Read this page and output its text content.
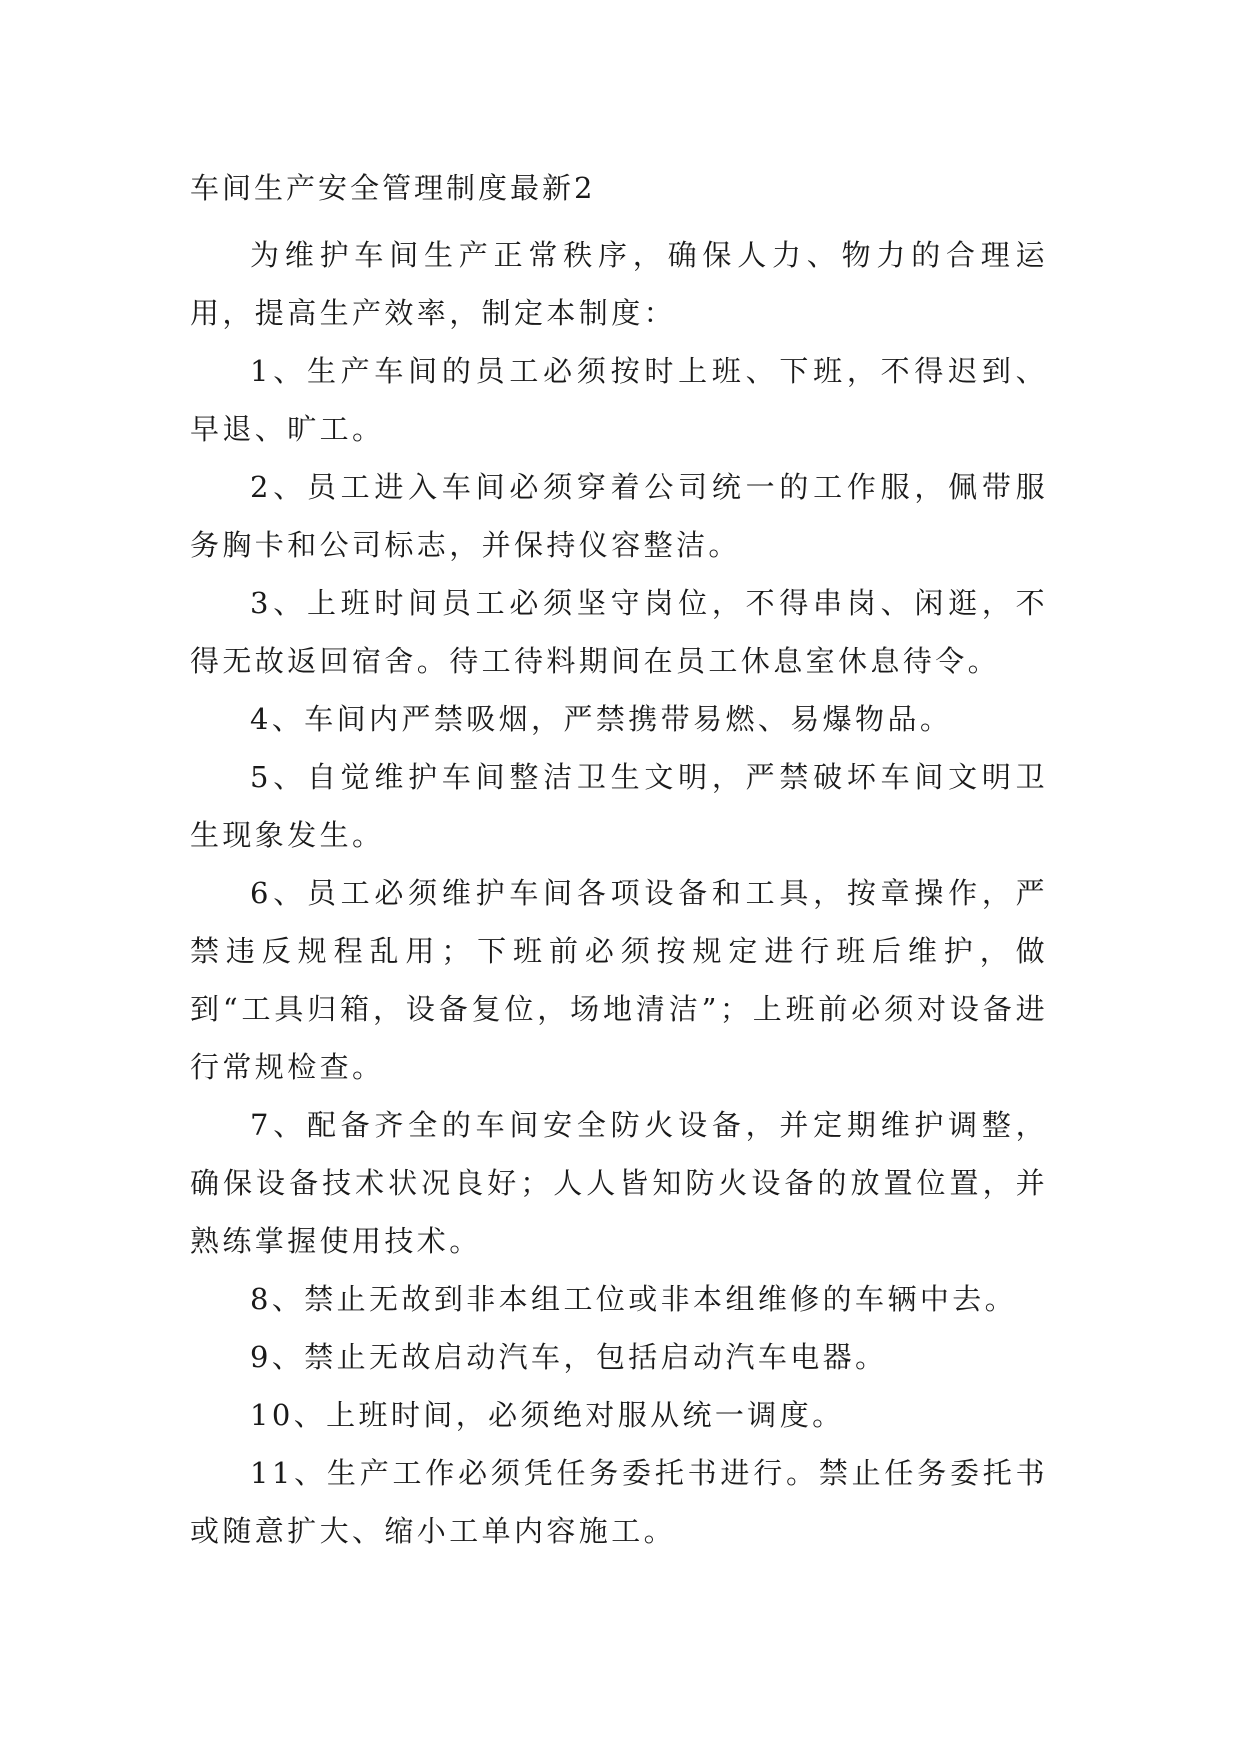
车间生产安全管理制度最新2

为维护车间生产正常秩序，确保人力、物力的合理运用，提高生产效率，制定本制度：

1、生产车间的员工必须按时上班、下班，不得迟到、早退、旷工。

2、员工进入车间必须穿着公司统一的工作服，佩带服务胸卡和公司标志，并保持仪容整洁。

3、上班时间员工必须坚守岗位，不得串岗、闲逛，不得无故返回宿舍。待工待料期间在员工休息室休息待令。

4、车间内严禁吸烟，严禁携带易燃、易爆物品。

5、自觉维护车间整洁卫生文明，严禁破坏车间文明卫生现象发生。

6、员工必须维护车间各项设备和工具，按章操作，严禁违反规程乱用；下班前必须按规定进行班后维护，做到“工具归箱，设备复位，场地清洁”；上班前必须对设备进行常规检查。

7、配备齐全的车间安全防火设备，并定期维护调整，确保设备技术状况良好；人人皆知防火设备的放置位置，并熟练掌握使用技术。

8、禁止无故到非本组工位或非本组维修的车辆中去。

9、禁止无故启动汽车，包括启动汽车电器。

10、上班时间，必须绝对服从统一调度。

11、生产工作必须凭任务委托书进行。禁止任务委托书或随意扩大、缩小工单内容施工。
